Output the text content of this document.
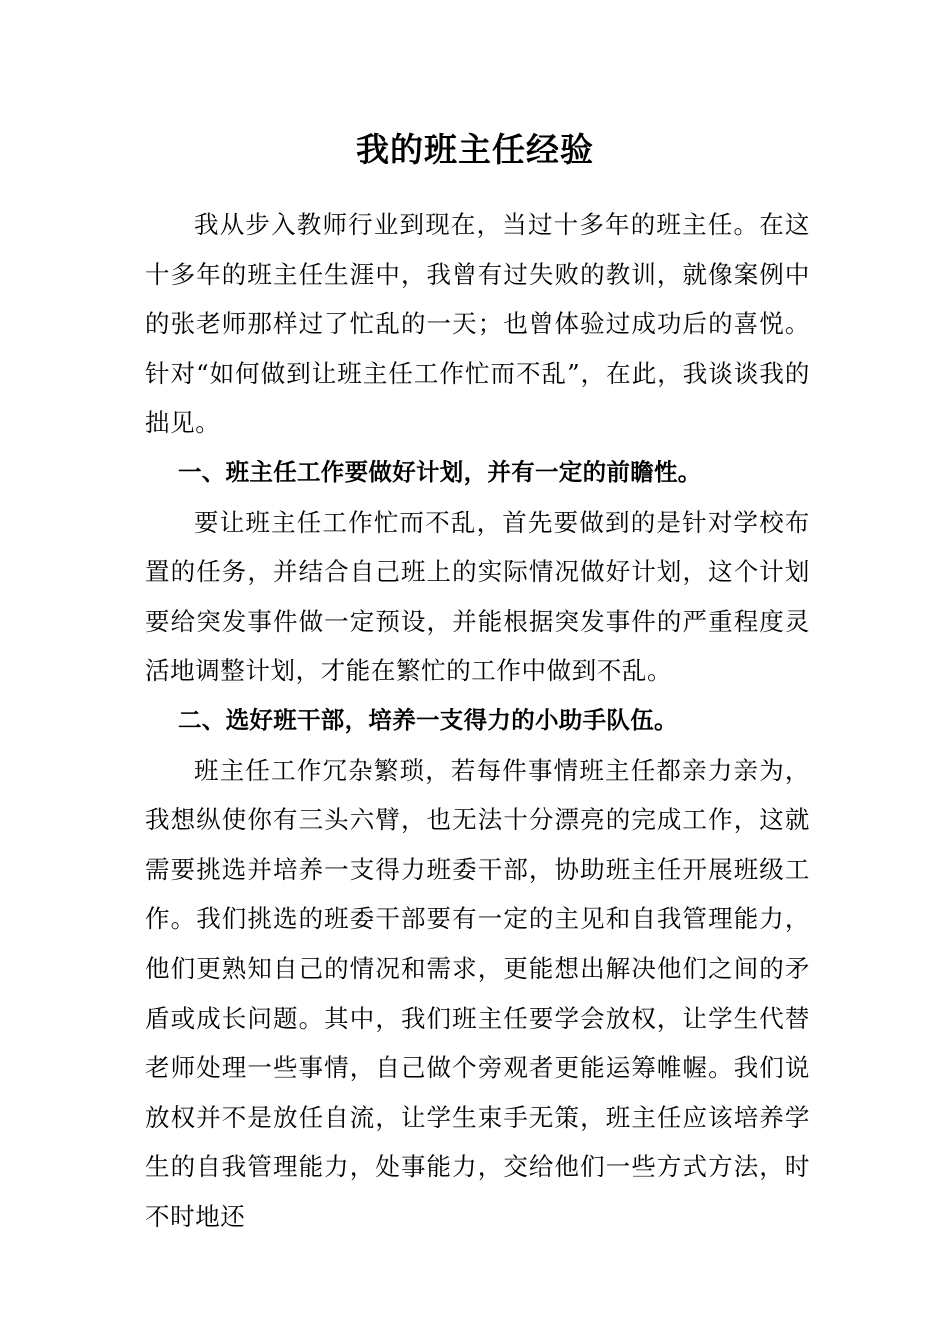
我的班主任经验

我从步入教师行业到现在，当过十多年的班主任。在这十多年的班主任生涯中，我曾有过失败的教训，就像案例中的张老师那样过了忙乱的一天；也曾体验过成功后的喜悦。针对“如何做到让班主任工作忙而不乱”，在此，我谈谈我的拙见。

一、班主任工作要做好计划，并有一定的前瞻性。

要让班主任工作忙而不乱，首先要做到的是针对学校布置的任务，并结合自己班上的实际情况做好计划，这个计划要给突发事件做一定预设，并能根据突发事件的严重程度灵活地调整计划，才能在繁忙的工作中做到不乱。

二、选好班干部，培养一支得力的小助手队伍。

班主任工作冗杂繁琐，若每件事情班主任都亲力亲为，我想纵使你有三头六臂，也无法十分漂亮的完成工作，这就需要挑选并培养一支得力班委干部，协助班主任开展班级工作。我们挑选的班委干部要有一定的主见和自我管理能力，他们更熟知自己的情况和需求，更能想出解决他们之间的矛盾或成长问题。其中，我们班主任要学会放权，让学生代替老师处理一些事情，自己做个旁观者更能运筹帷幄。我们说放权并不是放任自流，让学生束手无策，班主任应该培养学生的自我管理能力，处事能力，交给他们一些方式方法，时不时地还
